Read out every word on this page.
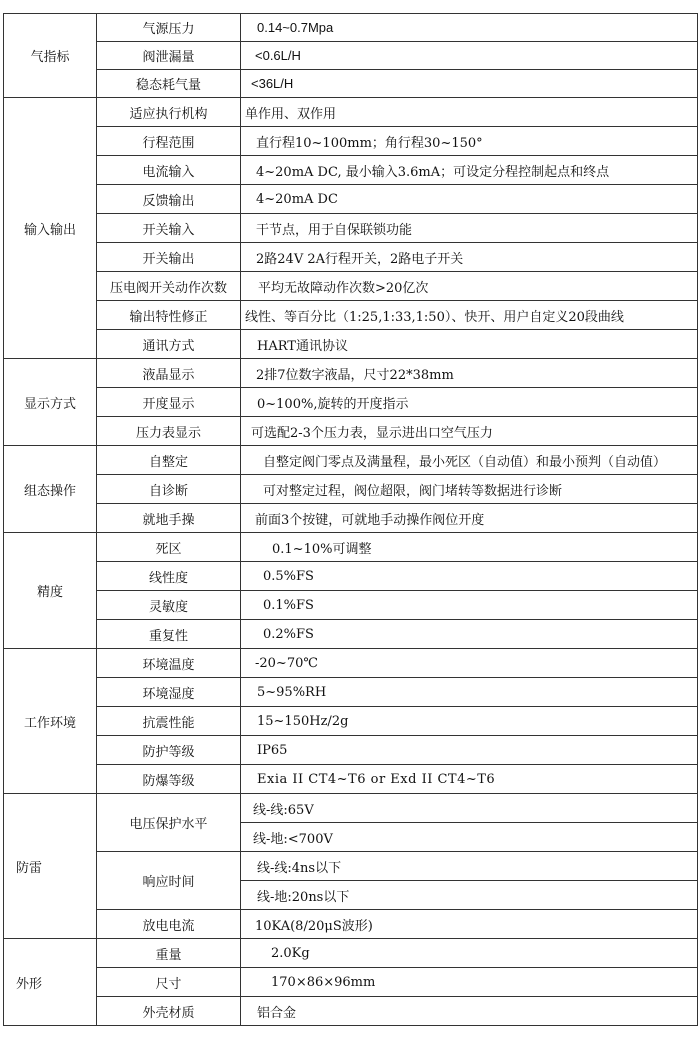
气指标	气源压力	0.14~0.7Mpa
	阀泄漏量	<0.6L/H
	稳态耗气量	<36L/H
输入输出	适应执行机构	单作用、双作用
	行程范围	直行程10~100mm；角行程30~150°
	电流输入	4~20mA DC, 最小输入3.6mA；可设定分程控制起点和终点
	反馈输出	4~20mA DC
	开关输入	干节点，用于自保联锁功能
	开关输出	2路24V 2A行程开关，2路电子开关
	压电阀开关动作次数	平均无故障动作次数>20亿次
	输出特性修正	线性、等百分比（1:25,1:33,1:50）、快开、用户自定义20段曲线
	通讯方式	HART通讯协议
显示方式	液晶显示	2排7位数字液晶，尺寸22*38mm
	开度显示	0~100%,旋转的开度指示
	压力表显示	可选配2-3个压力表，显示进出口空气压力
组态操作	自整定	自整定阀门零点及满量程，最小死区（自动值）和最小预判（自动值）
	自诊断	可对整定过程，阀位超限，阀门堵转等数据进行诊断
	就地手操	前面3个按键，可就地手动操作阀位开度
精度	死区	0.1~10%可调整
	线性度	0.5%FS
	灵敏度	0.1%FS
	重复性	0.2%FS
工作环境	环境温度	-20~70℃
	环境湿度	5~95%RH
	抗震性能	15~150Hz/2g
	防护等级	IP65
	防爆等级	Exia II CT4~T6 or Exd II CT4~T6
防雷	电压保护水平	线-线:65V
		线-地:<700V
	响应时间	线-线:4ns以下
		线-地:20ns以下
	放电电流	10KA(8/20μS波形)
外形	重量	2.0Kg
	尺寸	170×86×96mm
	外壳材质	铝合金
